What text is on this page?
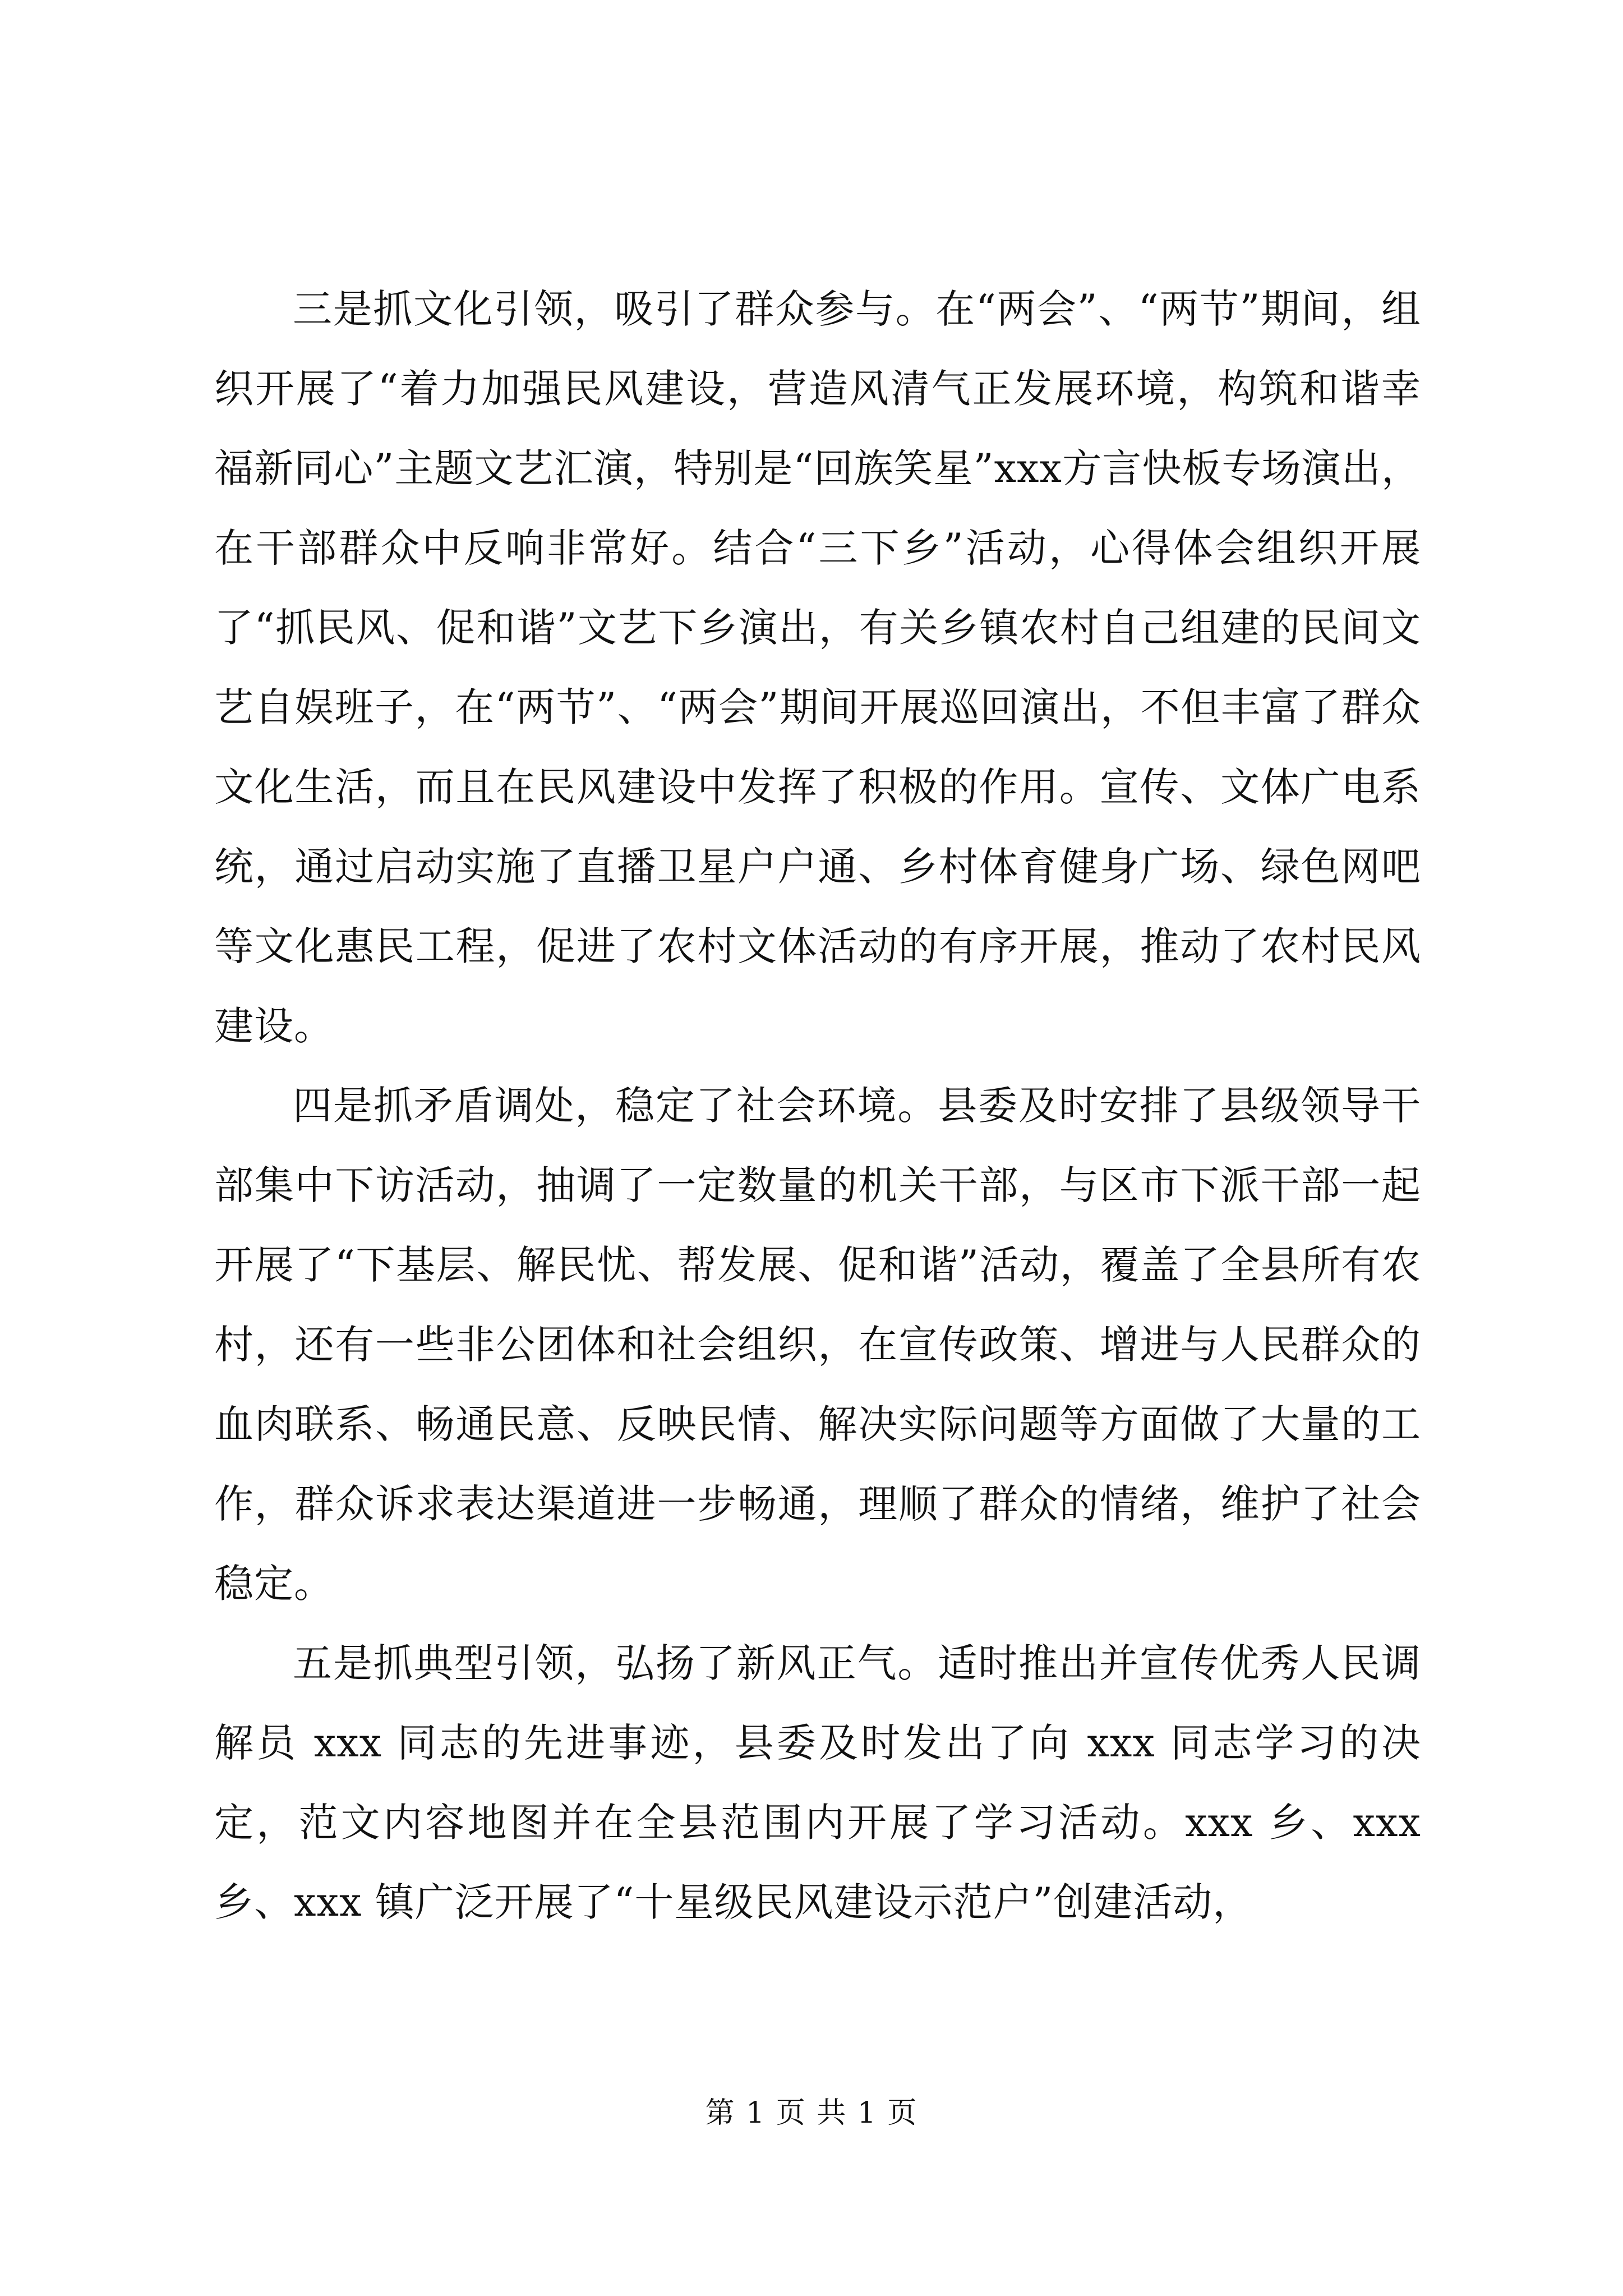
三是抓文化引领，吸引了群众参与。在“两会”、“两节”期间，组织开展了“着力加强民风建设，营造风清气正发展环境，构筑和谐幸福新同心”主题文艺汇演，特别是“回族笑星”xxx方言快板专场演出，在干部群众中反响非常好。结合“三下乡”活动，心得体会组织开展了“抓民风、促和谐”文艺下乡演出，有关乡镇农村自己组建的民间文艺自娱班子，在“两节”、“两会”期间开展巡回演出，不但丰富了群众文化生活，而且在民风建设中发挥了积极的作用。宣传、文体广电系统，通过启动实施了直播卫星户户通、乡村体育健身广场、绿色网吧等文化惠民工程，促进了农村文体活动的有序开展，推动了农村民风建设。

四是抓矛盾调处，稳定了社会环境。县委及时安排了县级领导干部集中下访活动，抽调了一定数量的机关干部，与区市下派干部一起开展了“下基层、解民忧、帮发展、促和谐”活动，覆盖了全县所有农村，还有一些非公团体和社会组织，在宣传政策、增进与人民群众的血肉联系、畅通民意、反映民情、解决实际问题等方面做了大量的工作，群众诉求表达渠道进一步畅通，理顺了群众的情绪，维护了社会稳定。

五是抓典型引领，弘扬了新风正气。适时推出并宣传优秀人民调解员 xxx 同志的先进事迹，县委及时发出了向 xxx 同志学习的决定，范文内容地图并在全县范围内开展了学习活动。xxx 乡、xxx 乡、xxx 镇广泛开展了“十星级民风建设示范户”创建活动，

第 1 页 共 1 页
